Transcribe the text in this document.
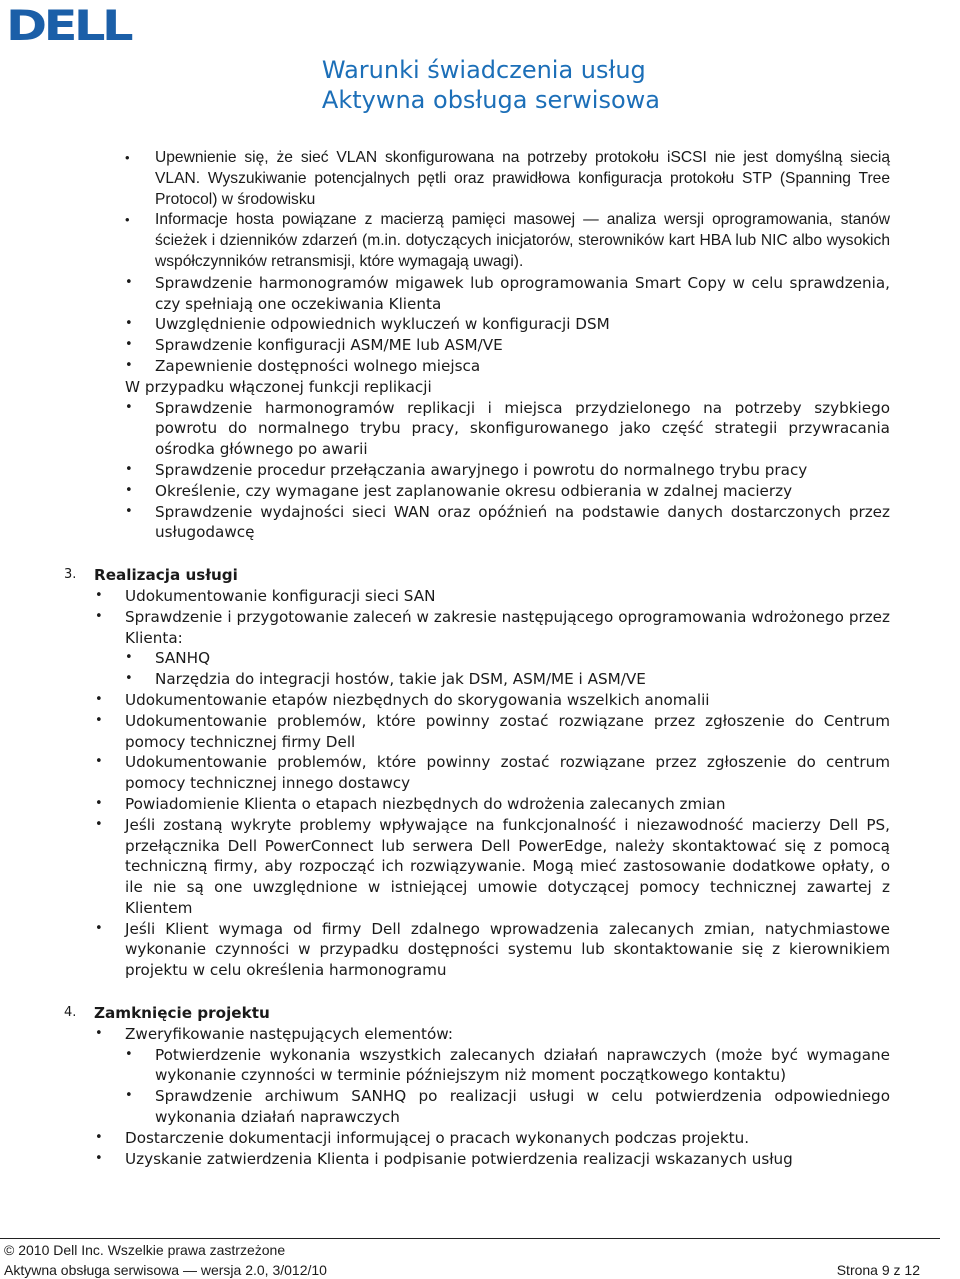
DELL
Warunki świadczenia usług
Aktywna obsługa serwisowa
• Upewnienie się, że sieć VLAN skonfigurowana na potrzeby protokołu iSCSI nie jest domyślną siecią VLAN. Wyszukiwanie potencjalnych pętli oraz prawidłowa konfiguracja protokołu STP (Spanning Tree Protocol) w środowisku
• Informacje hosta powiązane z macierzą pamięci masowej — analiza wersji oprogramowania, stanów ścieżek i dzienników zdarzeń (m.in. dotyczących inicjatorów, sterowników kart HBA lub NIC albo wysokich współczynników retransmisji, które wymagają uwagi).
• Sprawdzenie harmonogramów migawek lub oprogramowania Smart Copy w celu sprawdzenia, czy spełniają one oczekiwania Klienta
• Uwzględnienie odpowiednich wykluczeń w konfiguracji DSM
• Sprawdzenie konfiguracji ASM/ME lub ASM/VE
• Zapewnienie dostępności wolnego miejsca
W przypadku włączonej funkcji replikacji
• Sprawdzenie harmonogramów replikacji i miejsca przydzielonego na potrzeby szybkiego powrotu do normalnego trybu pracy, skonfigurowanego jako część strategii przywracania ośrodka głównego po awarii
• Sprawdzenie procedur przełączania awaryjnego i powrotu do normalnego trybu pracy
• Określenie, czy wymagane jest zaplanowanie okresu odbierania w zdalnej macierzy
• Sprawdzenie wydajności sieci WAN oraz opóźnień na podstawie danych dostarczonych przez usługodawcę
3. Realizacja usługi
• Udokumentowanie konfiguracji sieci SAN
• Sprawdzenie i przygotowanie zaleceń w zakresie następującego oprogramowania wdrożonego przez Klienta:
• SANHQ
• Narzędzia do integracji hostów, takie jak DSM, ASM/ME i ASM/VE
• Udokumentowanie etapów niezbędnych do skorygowania wszelkich anomalii
• Udokumentowanie problemów, które powinny zostać rozwiązane przez zgłoszenie do Centrum pomocy technicznej firmy Dell
• Udokumentowanie problemów, które powinny zostać rozwiązane przez zgłoszenie do centrum pomocy technicznej innego dostawcy
• Powiadomienie Klienta o etapach niezbędnych do wdrożenia zalecanych zmian
• Jeśli zostaną wykryte problemy wpływające na funkcjonalność i niezawodność macierzy Dell PS, przełącznika Dell PowerConnect lub serwera Dell PowerEdge, należy skontaktować się z pomocą techniczną firmy, aby rozpocząć ich rozwiązywanie. Mogą mieć zastosowanie dodatkowe opłaty, o ile nie są one uwzględnione w istniejącej umowie dotyczącej pomocy technicznej zawartej z Klientem
• Jeśli Klient wymaga od firmy Dell zdalnego wprowadzenia zalecanych zmian, natychmiastowe wykonanie czynności w przypadku dostępności systemu lub skontaktowanie się z kierownikiem projektu w celu określenia harmonogramu
4. Zamknięcie projektu
• Zweryfikowanie następujących elementów:
• Potwierdzenie wykonania wszystkich zalecanych działań naprawczych (może być wymagane wykonanie czynności w terminie późniejszym niż moment początkowego kontaktu)
• Sprawdzenie archiwum SANHQ po realizacji usługi w celu potwierdzenia odpowiedniego wykonania działań naprawczych
• Dostarczenie dokumentacji informującej o pracach wykonanych podczas projektu.
• Uzyskanie zatwierdzenia Klienta i podpisanie potwierdzenia realizacji wskazanych usług
© 2010 Dell Inc. Wszelkie prawa zastrzeżone
Aktywna obsługa serwisowa — wersja 2.0, 3/012/10	Strona 9 z 12
